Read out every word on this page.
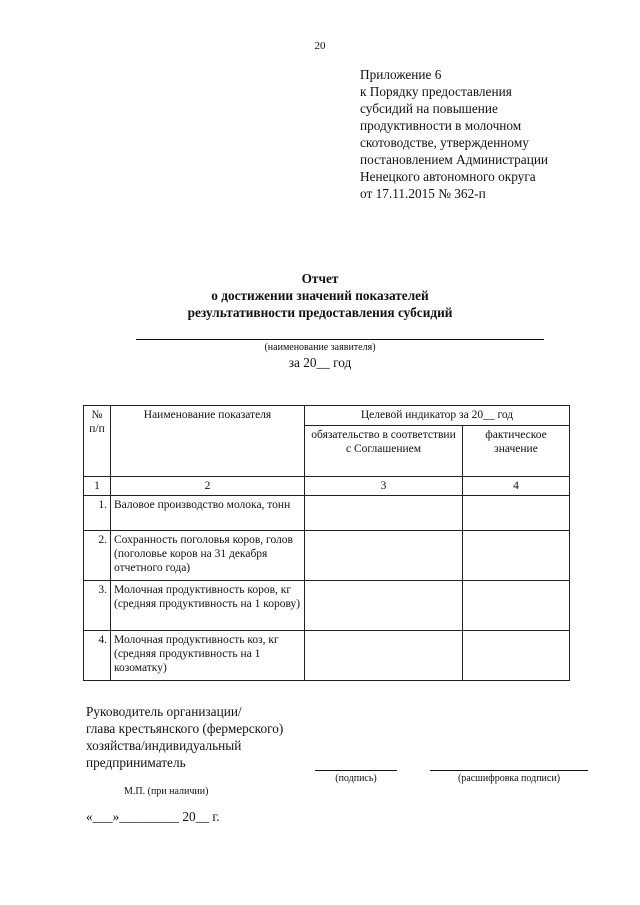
20
Приложение 6
к Порядку предоставления
субсидий на повышение
продуктивности в молочном
скотоводстве, утвержденному
постановлением Администрации
Ненецкого автономного округа
от 17.11.2015 № 362-п
Отчет
о достижении значений показателей
результативности предоставления субсидий
(наименование заявителя)
за 20__ год
№ п/п	Наименование показателя	Целевой индикатор за 20__ год	
		обязательство в соответствии с Соглашением	фактическое значение
1	2	3	4
1.	Валовое производство молока, тонн		
2.	Сохранность поголовья коров, голов (поголовье коров на 31 декабря отчетного года)		
3.	Молочная продуктивность коров, кг (средняя продуктивность на 1 корову)		
4.	Молочная продуктивность коз, кг (средняя продуктивность на 1 козоматку)		
Руководитель организации/
глава крестьянского (фермерского)
хозяйства/индивидуальный
предприниматель
(подпись)	(расшифровка подписи)
М.П. (при наличии)
«___»_________ 20__ г.
